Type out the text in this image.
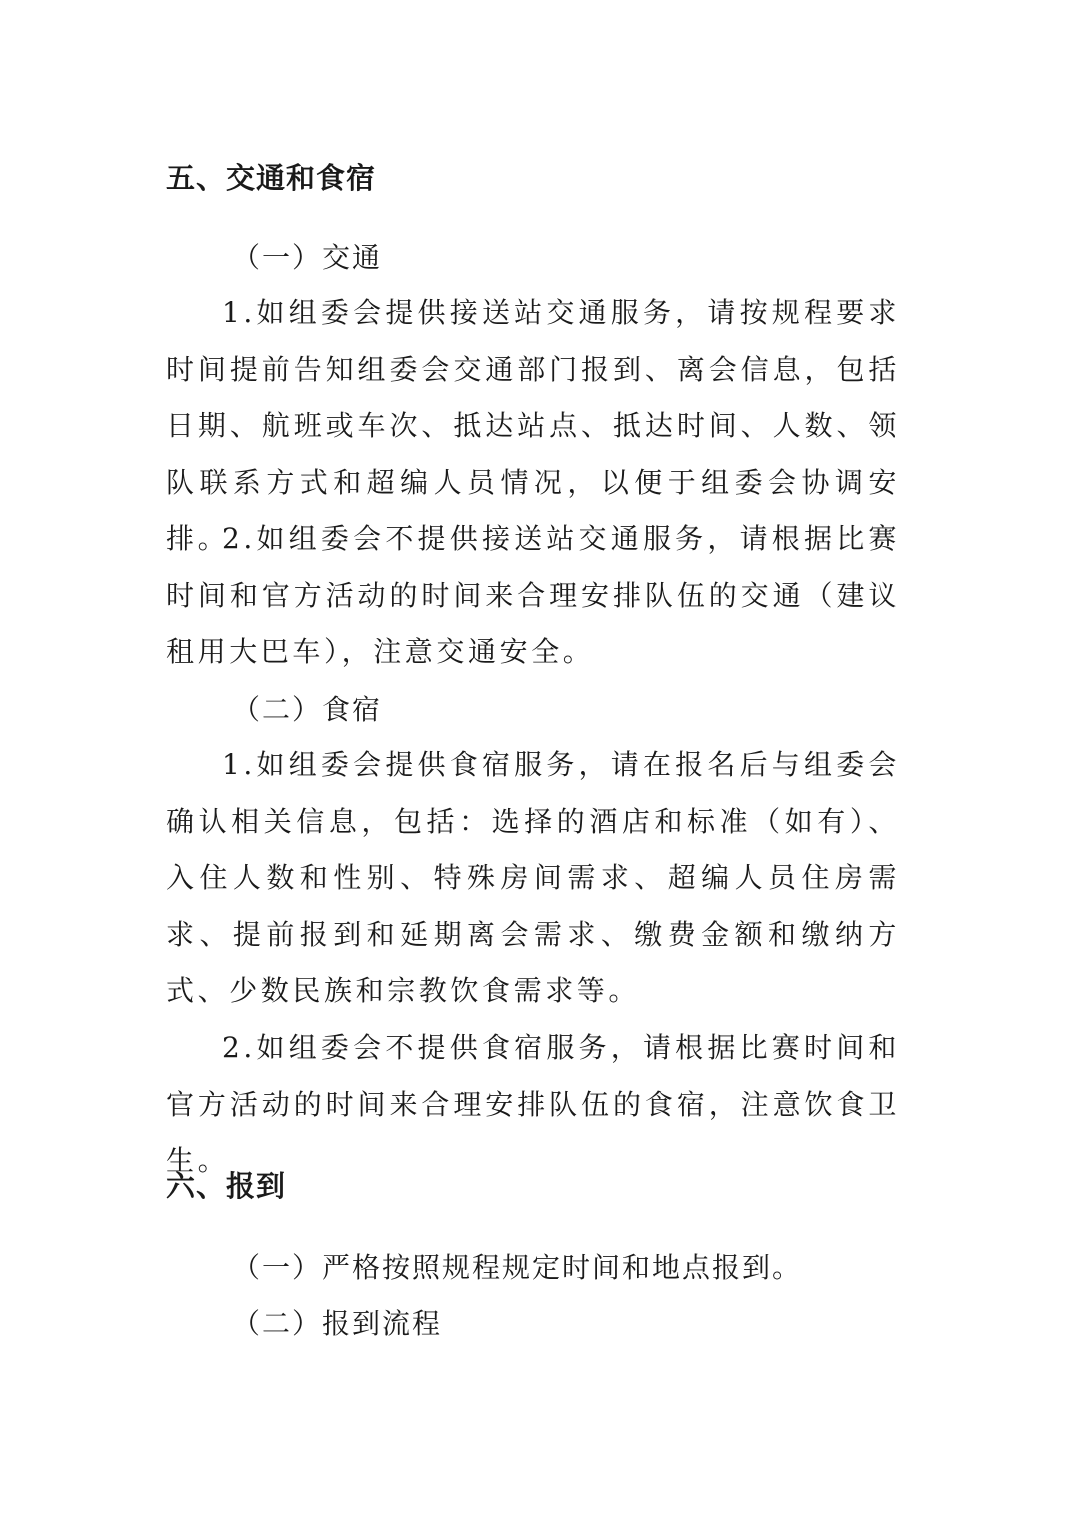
五、交通和食宿

（一）交通

1.如组委会提供接送站交通服务，请按规程要求时间提前告知组委会交通部门报到、离会信息，包括日期、航班或车次、抵达站点、抵达时间、人数、领队联系方式和超编人员情况，以便于组委会协调安排。

2.如组委会不提供接送站交通服务，请根据比赛时间和官方活动的时间来合理安排队伍的交通（建议租用大巴车），注意交通安全。

（二）食宿

1.如组委会提供食宿服务，请在报名后与组委会确认相关信息，包括：选择的酒店和标准（如有）、入住人数和性别、特殊房间需求、超编人员住房需求、提前报到和延期离会需求、缴费金额和缴纳方式、少数民族和宗教饮食需求等。

2.如组委会不提供食宿服务，请根据比赛时间和官方活动的时间来合理安排队伍的食宿，注意饮食卫生。

六、报到

（一）严格按照规程规定时间和地点报到。

（二）报到流程
